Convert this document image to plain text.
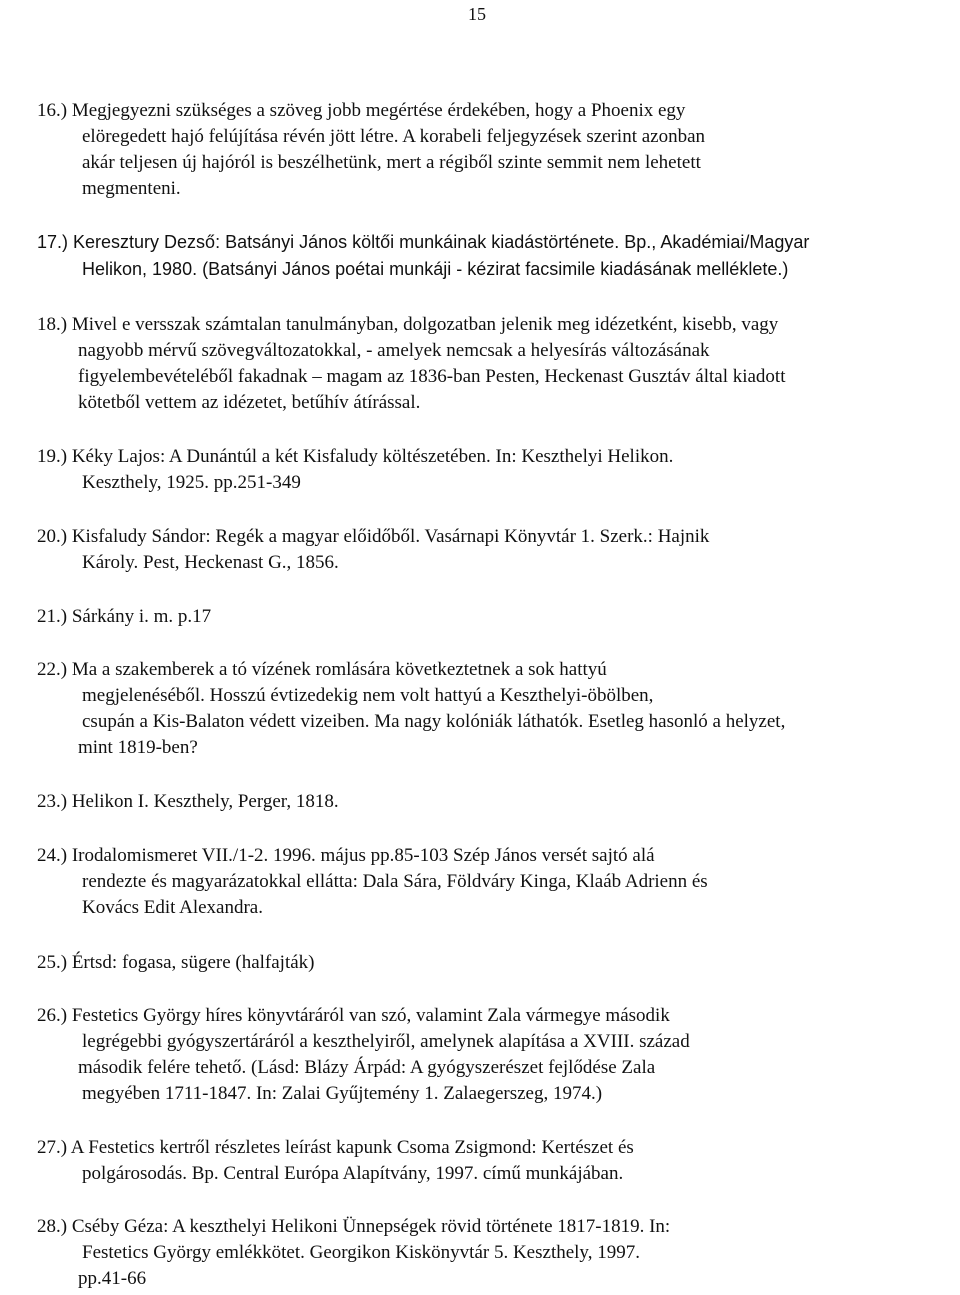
15

16.) Megjegyezni szükséges a szöveg jobb megértése érdekében, hogy a Phoenix egy

elöregedett hajó felújítása révén jött létre. A korabeli feljegyzések szerint azonban

akár teljesen új hajóról is beszélhetünk, mert a régiből szinte semmit nem lehetett

megmenteni.

17.) Keresztury Dezső: Batsányi János költői munkáinak kiadástörténete. Bp., Akadémiai/Magyar

Helikon, 1980. (Batsányi János poétai munkáji - kézirat facsimile kiadásának melléklete.)

18.) Mivel e versszak számtalan tanulmányban, dolgozatban jelenik meg idézetként, kisebb, vagy

nagyobb mérvű szövegváltozatokkal, - amelyek nemcsak a helyesírás változásának

figyelembevételéből fakadnak – magam az 1836-ban Pesten, Heckenast Gusztáv által kiadott

kötetből vettem az idézetet, betűhív átírással.

19.) Kéky Lajos: A Dunántúl a két Kisfaludy költészetében. In: Keszthelyi Helikon.

Keszthely, 1925. pp.251-349

20.) Kisfaludy Sándor: Regék a magyar előidőből. Vasárnapi Könyvtár 1. Szerk.: Hajnik

Károly. Pest, Heckenast G., 1856.

21.) Sárkány i. m. p.17

22.) Ma a szakemberek a tó vízének romlására következtetnek a sok hattyú

megjelenéséből. Hosszú évtizedekig nem volt hattyú a Keszthelyi-öbölben,

csupán a Kis-Balaton védett vizeiben. Ma nagy kolóniák láthatók. Esetleg hasonló a helyzet,

mint 1819-ben?

23.) Helikon I. Keszthely, Perger, 1818.

24.) Irodalomismeret VII./1-2. 1996. május pp.85-103 Szép János versét sajtó alá

rendezte és magyarázatokkal ellátta: Dala Sára, Földváry Kinga, Klaáb Adrienn és

Kovács Edit Alexandra.

25.) Értsd: fogasa, sügere (halfajták)

26.) Festetics György híres könyvtáráról van szó, valamint Zala vármegye második

legrégebbi gyógyszertáráról a keszthelyiről, amelynek alapítása a XVIII. század

második felére tehető. (Lásd: Blázy Árpád: A gyógyszerészet fejlődése Zala

megyében 1711-1847. In: Zalai Gyűjtemény 1. Zalaegerszeg, 1974.)

27.) A Festetics kertről részletes leírást kapunk Csoma Zsigmond: Kertészet és

polgárosodás. Bp. Central Európa Alapítvány, 1997. című munkájában.

28.) Cséby Géza: A keszthelyi Helikoni Ünnepségek rövid története 1817-1819. In:

Festetics György emlékkötet. Georgikon Kiskönyvtár 5. Keszthely, 1997.

pp.41-66
